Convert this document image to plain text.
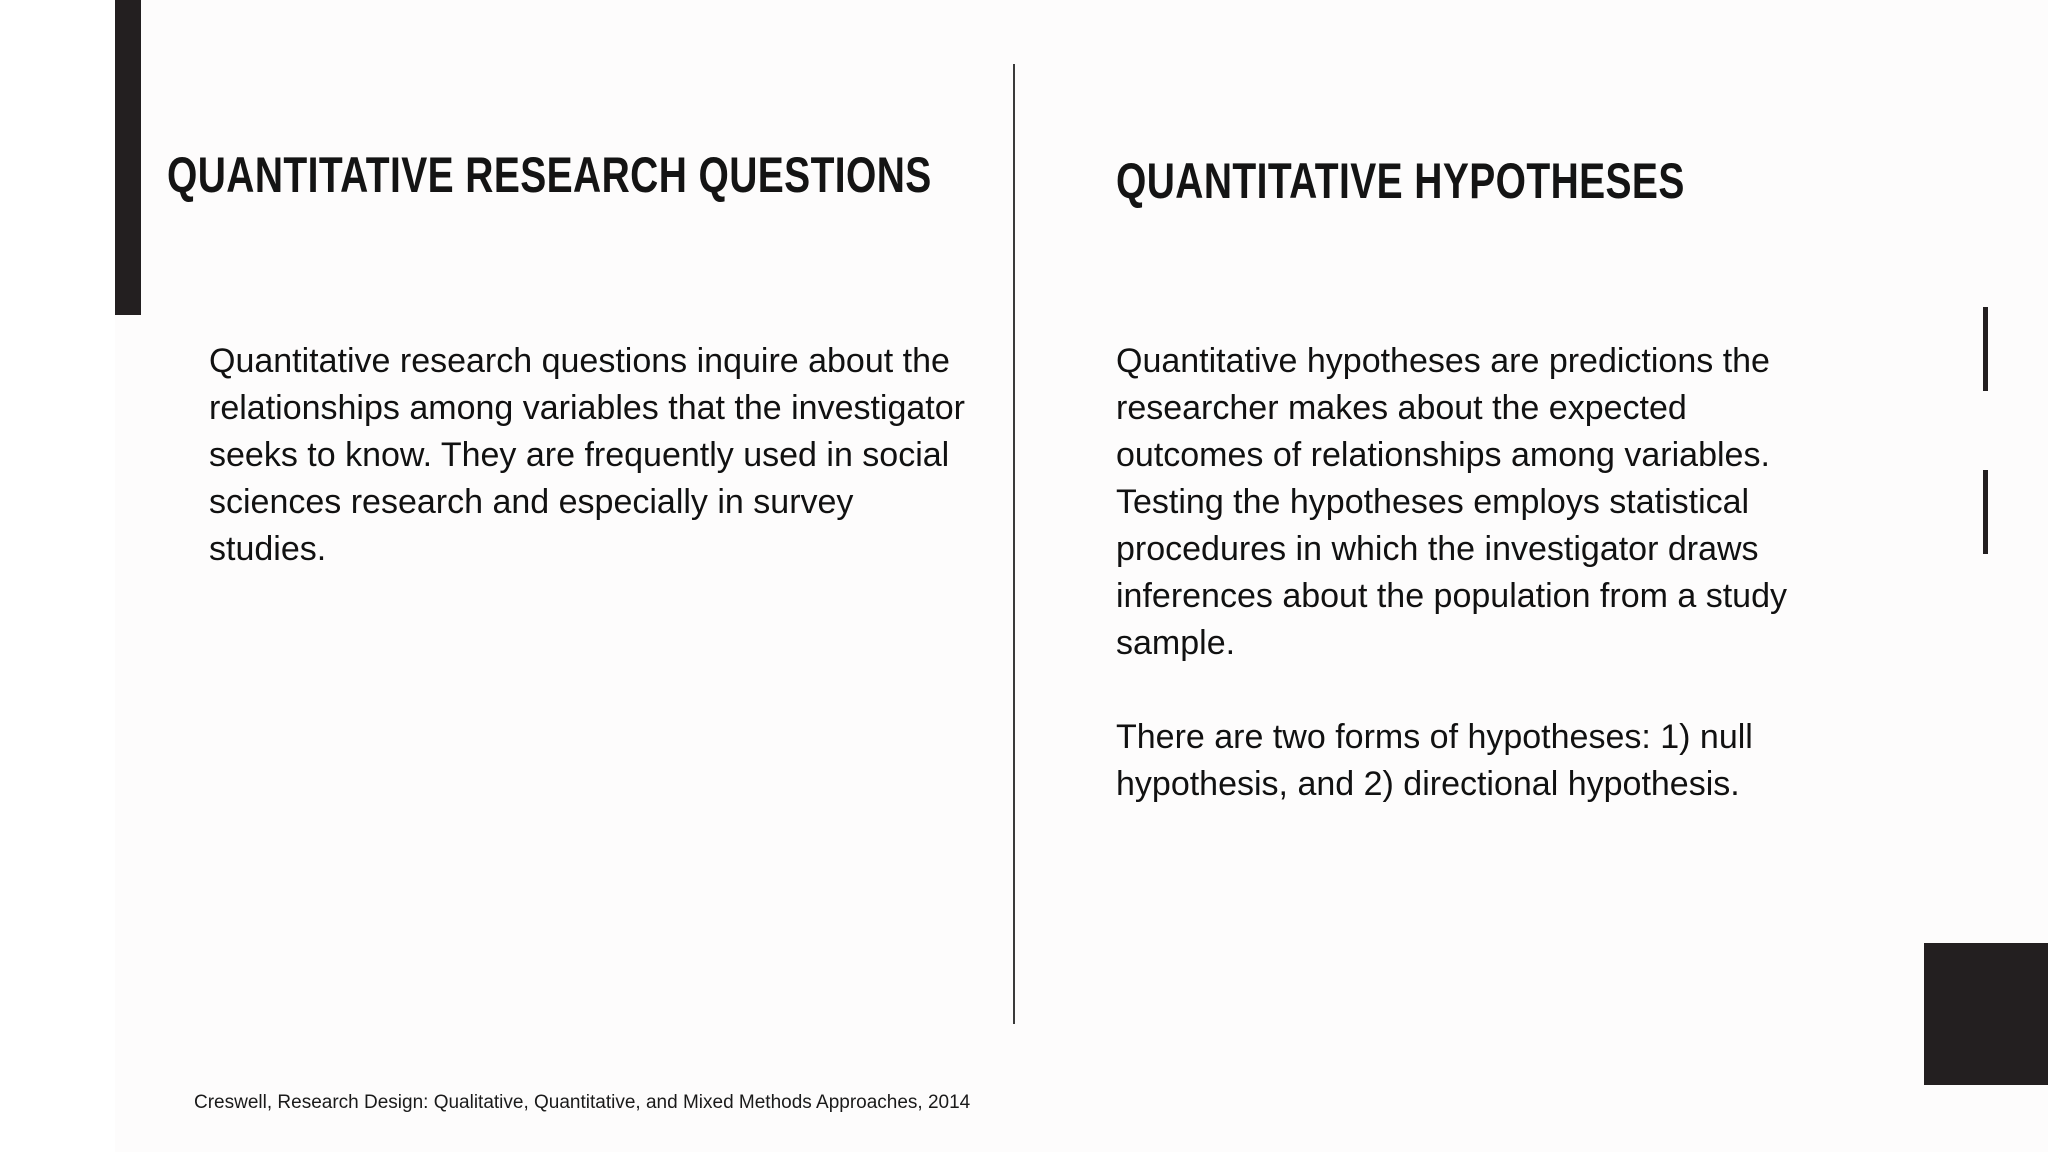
QUANTITATIVE RESEARCH QUESTIONS

Quantitative research questions inquire about the relationships among variables that the investigator seeks to know. They are frequently used in social sciences research and especially in survey studies.

QUANTITATIVE HYPOTHESES
Quantitative hypotheses are predictions the researcher makes about the expected outcomes of relationships among variables. Testing the hypotheses employs statistical procedures in which the investigator draws inferences about the population from a study sample.
There are two forms of hypotheses: 1) null hypothesis, and 2) directional hypothesis.

Creswell, Research Design: Qualitative, Quantitative, and Mixed Methods Approaches, 2014
